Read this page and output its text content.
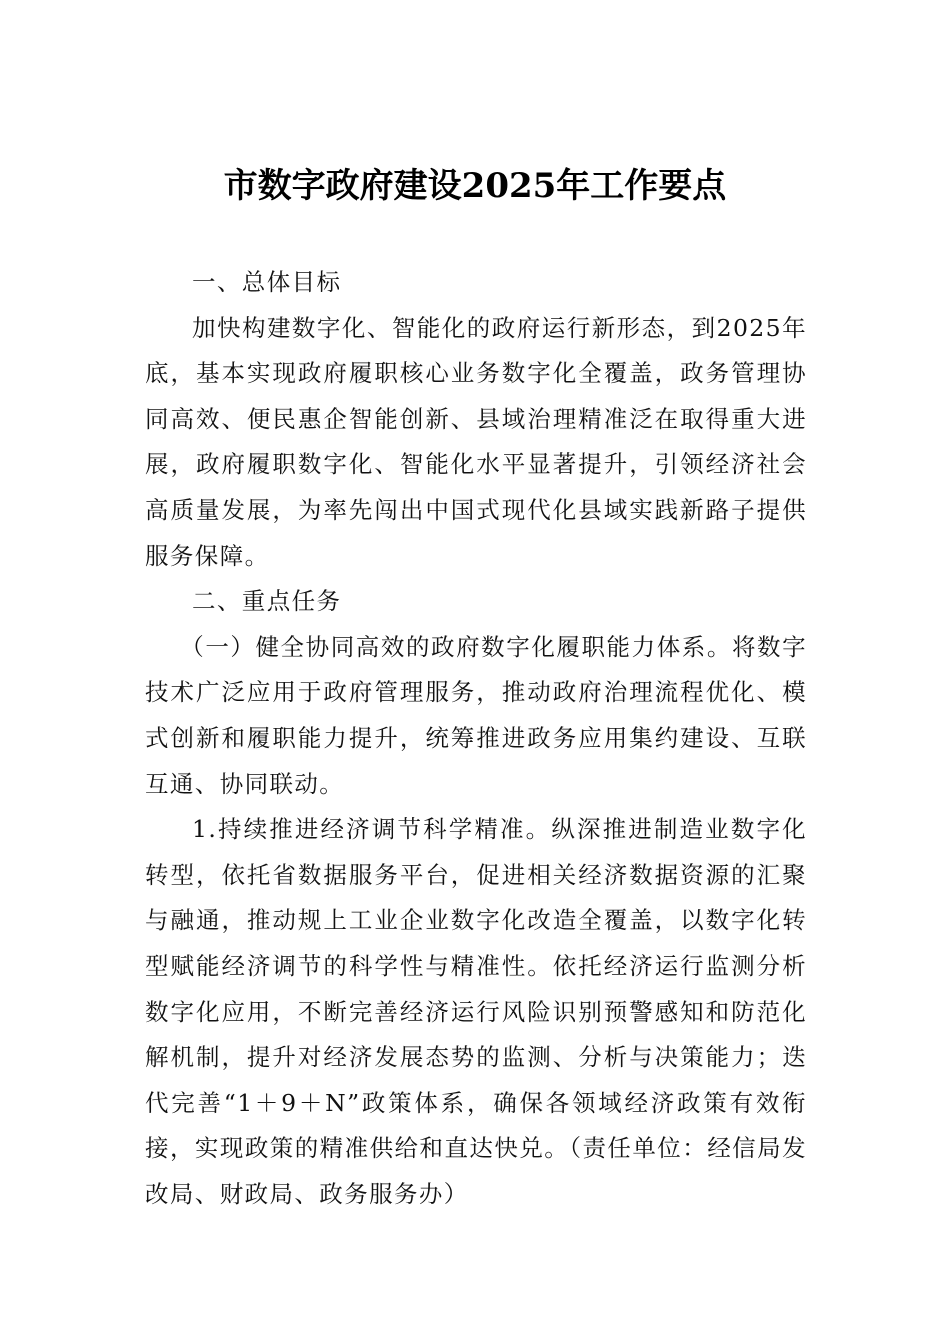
市数字政府建设2025年工作要点

一、总体目标

加快构建数字化、智能化的政府运行新形态，到2025年底，基本实现政府履职核心业务数字化全覆盖，政务管理协同高效、便民惠企智能创新、县域治理精准泛在取得重大进展，政府履职数字化、智能化水平显著提升，引领经济社会高质量发展，为率先闯出中国式现代化县域实践新路子提供服务保障。

二、重点任务

（一）健全协同高效的政府数字化履职能力体系。将数字技术广泛应用于政府管理服务，推动政府治理流程优化、模式创新和履职能力提升，统筹推进政务应用集约建设、互联互通、协同联动。

1.持续推进经济调节科学精准。纵深推进制造业数字化转型，依托省数据服务平台，促进相关经济数据资源的汇聚与融通，推动规上工业企业数字化改造全覆盖，以数字化转型赋能经济调节的科学性与精准性。依托经济运行监测分析数字化应用，不断完善经济运行风险识别预警感知和防范化解机制，提升对经济发展态势的监测、分析与决策能力；迭代完善“1＋9＋N”政策体系，确保各领域经济政策有效衔接，实现政策的精准供给和直达快兑。（责任单位：经信局发改局、财政局、政务服务办）
